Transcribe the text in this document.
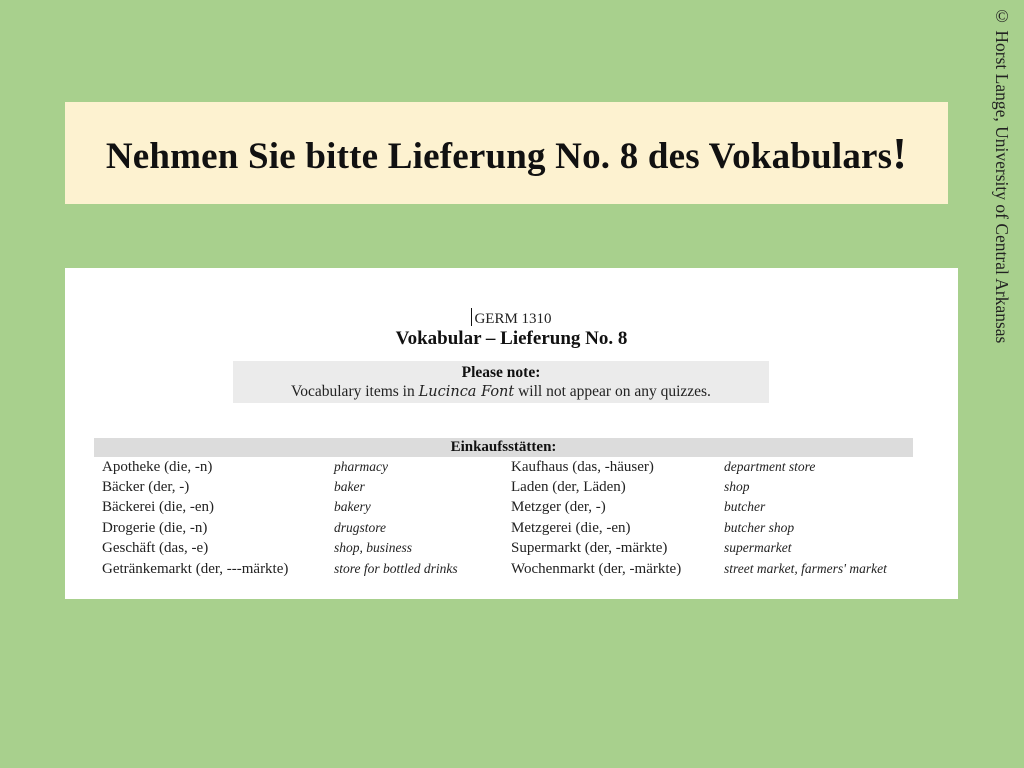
Nehmen Sie bitte Lieferung No. 8 des Vokabulars!	© Horst Lange, University of Central Arkansas
GERM 1310
Vokabular – Lieferung No. 8
Please note:
Vocabulary items in Lucinca Font will not appear on any quizzes.
Einkaufsstätten:
Apotheke (die, -n)	pharmacy	Kaufhaus (das, -häuser)	department store
Bäcker (der, -)	baker	Laden (der, Läden)	shop
Bäckerei (die, -en)	bakery	Metzger (der, -)	butcher
Drogerie (die, -n)	drugstore	Metzgerei (die, -en)	butcher shop
Geschäft (das, -e)	shop, business	Supermarkt (der, -märkte)	supermarket
Getränkemarkt (der, ---märkte)	store for bottled drinks	Wochenmarkt (der, -märkte)	street market, farmers' market
